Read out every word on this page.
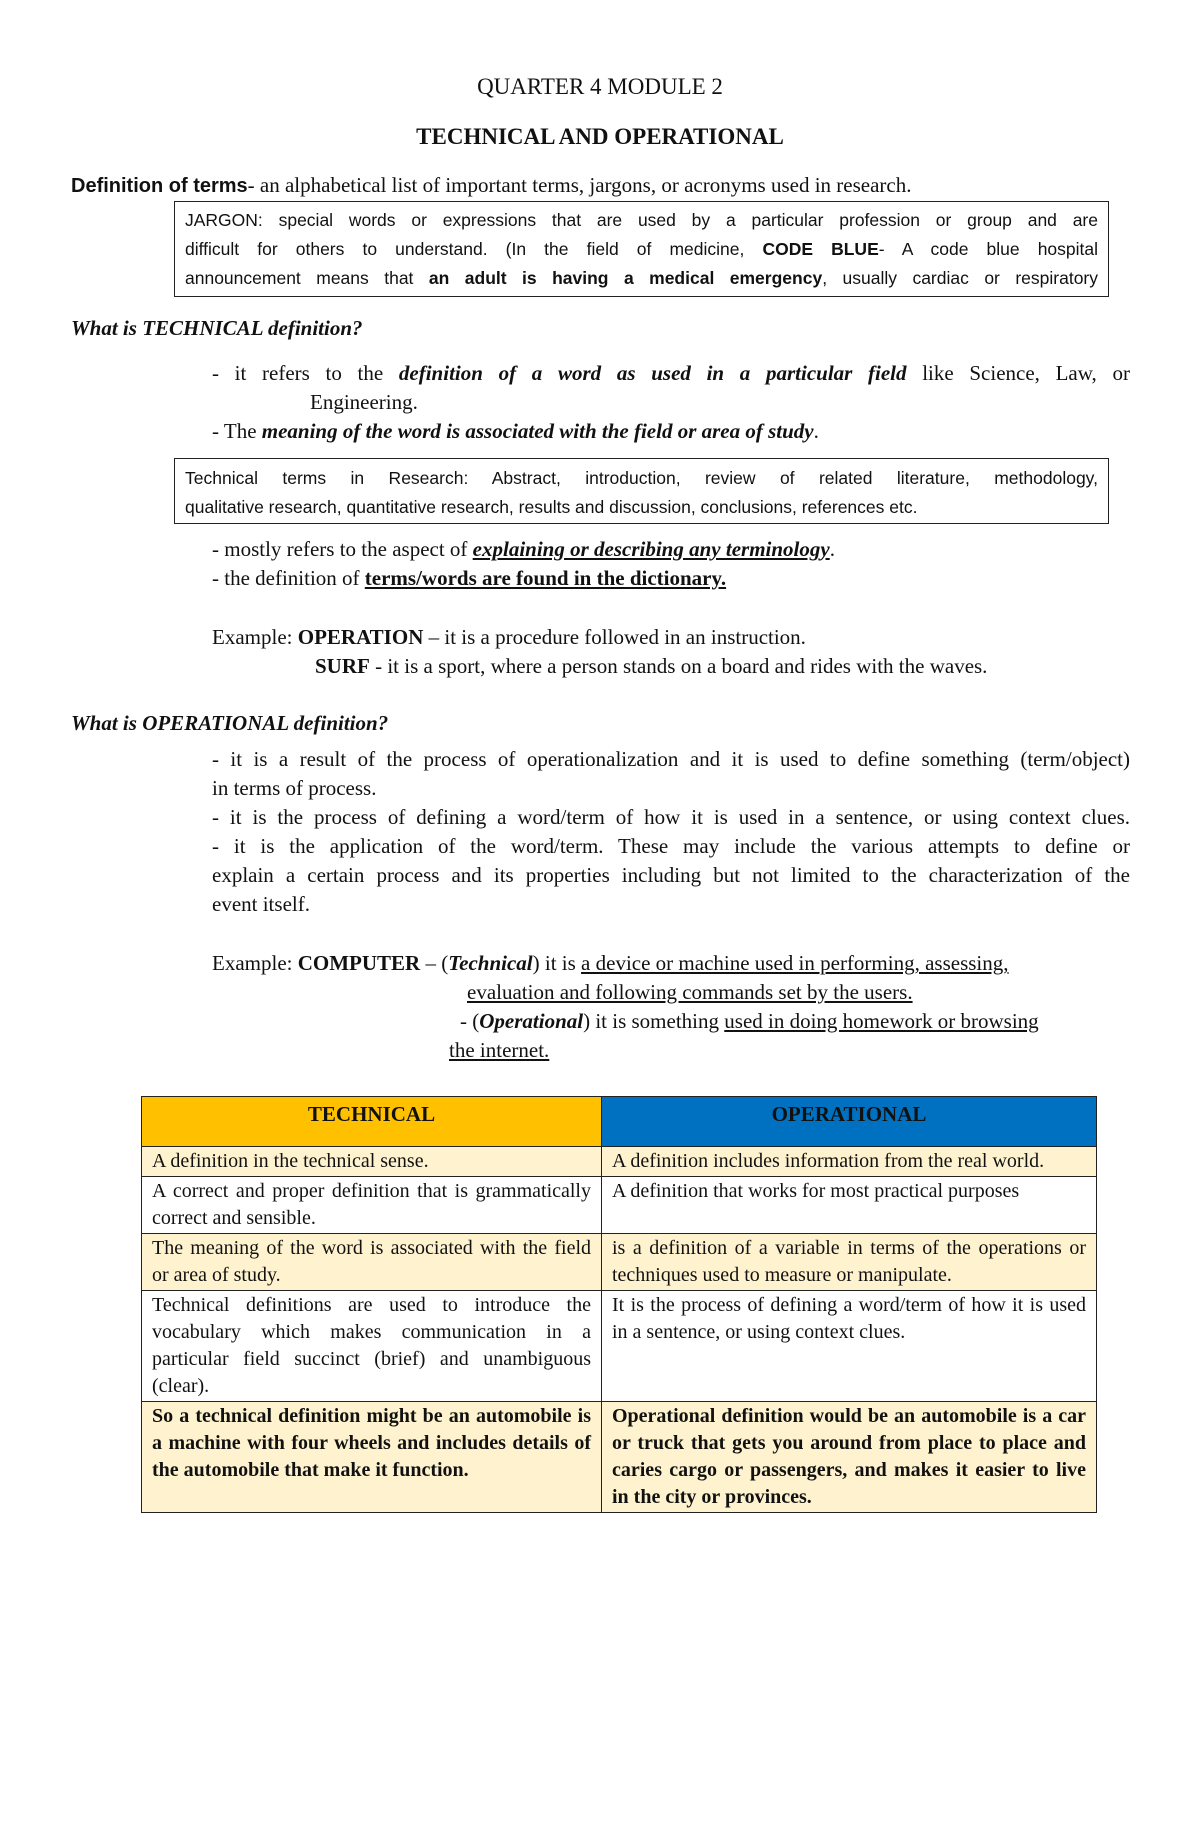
QUARTER 4 MODULE 2
TECHNICAL AND OPERATIONAL
Definition of terms- an alphabetical list of important terms, jargons, or acronyms used in research.

JARGON: special words or expressions that are used by a particular profession or group and are

difficult for others to understand. (In the field of medicine, CODE BLUE- A code blue hospital

announcement means that an adult is having a medical emergency, usually cardiac or respiratory

What is TECHNICAL definition?
- it refers to the definition of a word as used in a particular field like Science, Law, or
Engineering.
- The meaning of the word is associated with the field or area of study.

Technical terms in Research: Abstract, introduction, review of related literature, methodology,

qualitative research, quantitative research, results and discussion, conclusions, references etc.

- mostly refers to the aspect of explaining or describing any terminology.
- the definition of terms/words are found in the dictionary.
Example: OPERATION – it is a procedure followed in an instruction.
SURF - it is a sport, where a person stands on a board and rides with the waves.
What is OPERATIONAL definition?
- it is a result of the process of operationalization and it is used to define something (term/object)
in terms of process.
- it is the process of defining a word/term of how it is used in a sentence, or using context clues.
- it is the application of the word/term. These may include the various attempts to define or
explain a certain process and its properties including but not limited to the characterization of the
event itself.
Example: COMPUTER – (Technical) it is a device or machine used in performing, assessing,
evaluation and following commands set by the users.
- (Operational) it is something used in doing homework or browsing
the internet.
TECHNICAL	OPERATIONAL
A definition in the technical sense.	A definition includes information from the real world.
A correct and proper definition that is grammatically correct and sensible.	A definition that works for most practical purposes
The meaning of the word is associated with the field or area of study.	is a definition of a variable in terms of the operations or techniques used to measure or manipulate.
Technical definitions are used to introduce the vocabulary which makes communication in a particular field succinct (brief) and unambiguous (clear).	It is the process of defining a word/term of how it is used in a sentence, or using context clues.
So a technical definition might be an automobile is a machine with four wheels and includes details of the automobile that make it function.	Operational definition would be an automobile is a car or truck that gets you around from place to place and caries cargo or passengers, and makes it easier to live in the city or provinces.
